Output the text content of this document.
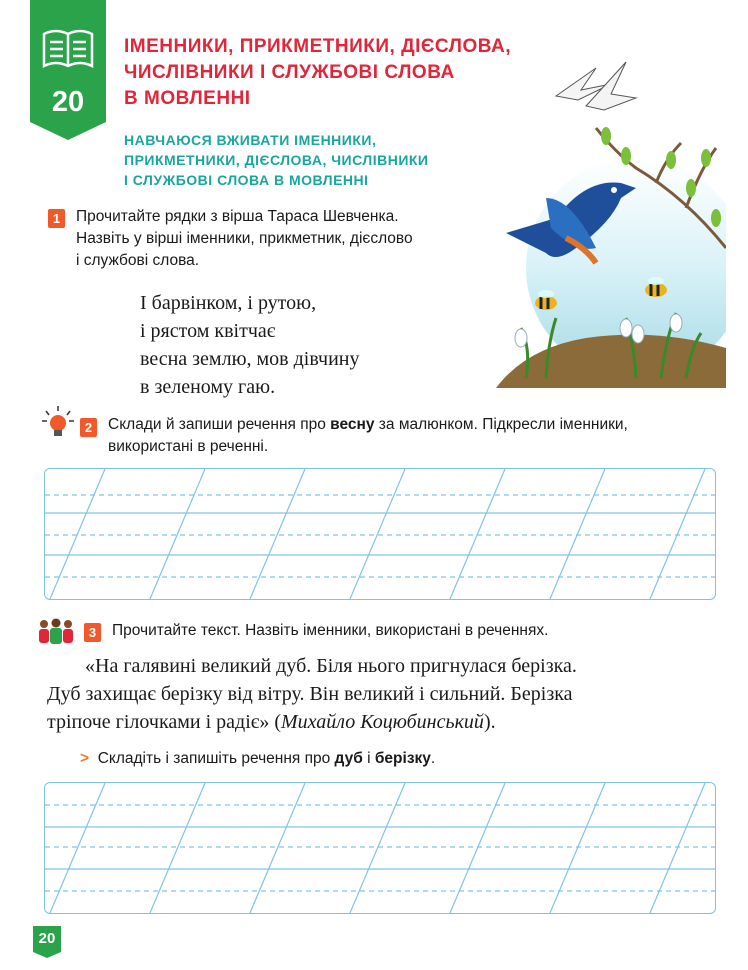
20
ІМЕННИКИ, ПРИКМЕТНИКИ, ДІЄСЛОВА,
ЧИСЛІВНИКИ І СЛУЖБОВІ СЛОВА
В МОВЛЕННІ
НАВЧАЮСЯ ВЖИВАТИ ІМЕННИКИ,
ПРИКМЕТНИКИ, ДІЄСЛОВА, ЧИСЛІВНИКИ
І СЛУЖБОВІ СЛОВА В МОВЛЕННІ
1	Прочитайте рядки з вірша Тараса Шевченка.
Назвіть у вірші іменники, прикметник, дієслово
і службові слова.
І барвінком, і рутою,
і рястом квітчає
весна землю, мов дівчину
в зеленому гаю.
2	Склади й запиши речення про весну за малюнком. Підкресли іменники,
використані в реченні.
3	Прочитайте текст. Назвіть іменники, використані в реченнях.
«На галявині великий дуб. Біля нього пригнулася берізка.
Дуб захищає берізку від вітру. Він великий і сильний. Берізка
тріпоче гілочками і радіє» (Михайло Коцюбинський).
> Складіть і запишіть речення про дуб і берізку.
20
